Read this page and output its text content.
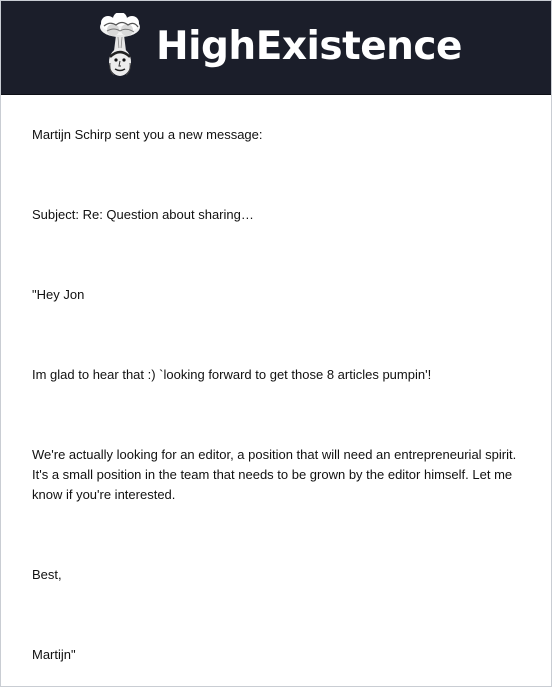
HighExistence

Martijn Schirp sent you a new message:

Subject: Re: Question about sharing…

"Hey Jon

Im glad to hear that :) `looking forward to get those 8 articles pumpin'!

We're actually looking for an editor, a position that will need an entrepreneurial spirit. It's a small position in the team that needs to be grown by the editor himself. Let me know if you're interested.

Best,

Martijn"
